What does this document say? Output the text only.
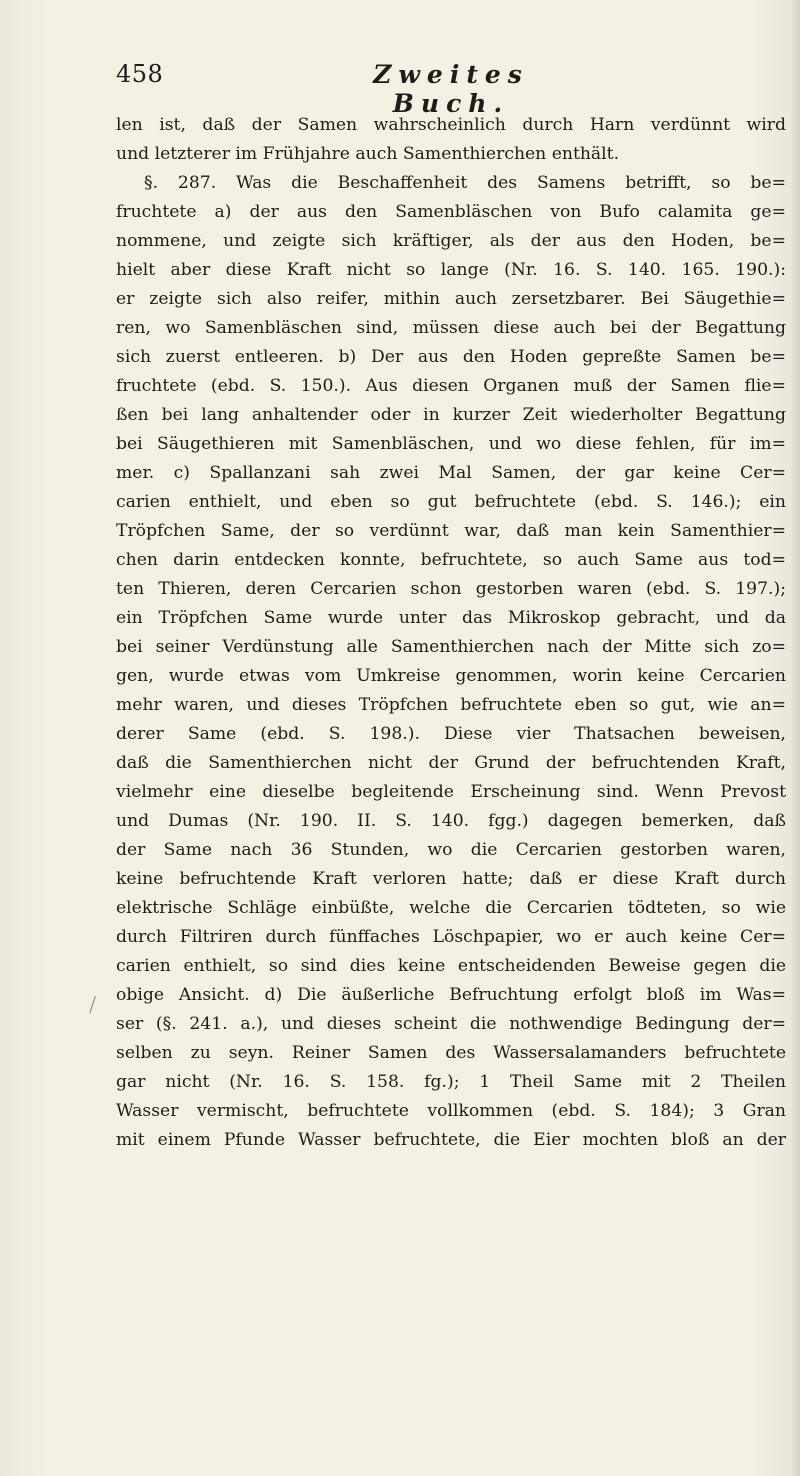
458	Zweites Buch.
len ist, daß der Samen wahrscheinlich durch Harn verdünnt wird
und letzterer im Frühjahre auch Samenthierchen enthält.
§. 287. Was die Beschaffenheit des Samens betrifft, so be=
fruchtete a) der aus den Samenbläschen von Bufo calamita ge=
nommene, und zeigte sich kräftiger, als der aus den Hoden, be=
hielt aber diese Kraft nicht so lange (Nr. 16. S. 140. 165. 190.):
er zeigte sich also reifer, mithin auch zersetzbarer. Bei Säugethie=
ren, wo Samenbläschen sind, müssen diese auch bei der Begattung
sich zuerst entleeren. b) Der aus den Hoden gepreßte Samen be=
fruchtete (ebd. S. 150.). Aus diesen Organen muß der Samen flie=
ßen bei lang anhaltender oder in kurzer Zeit wiederholter Begattung
bei Säugethieren mit Samenbläschen, und wo diese fehlen, für im=
mer. c) Spallanzani sah zwei Mal Samen, der gar keine Cer=
carien enthielt, und eben so gut befruchtete (ebd. S. 146.); ein
Tröpfchen Same, der so verdünnt war, daß man kein Samenthier=
chen darin entdecken konnte, befruchtete, so auch Same aus tod=
ten Thieren, deren Cercarien schon gestorben waren (ebd. S. 197.);
ein Tröpfchen Same wurde unter das Mikroskop gebracht, und da
bei seiner Verdünstung alle Samenthierchen nach der Mitte sich zo=
gen, wurde etwas vom Umkreise genommen, worin keine Cercarien
mehr waren, und dieses Tröpfchen befruchtete eben so gut, wie an=
derer Same (ebd. S. 198.). Diese vier Thatsachen beweisen,
daß die Samenthierchen nicht der Grund der befruchtenden Kraft,
vielmehr eine dieselbe begleitende Erscheinung sind. Wenn Prevost
und Dumas (Nr. 190. II. S. 140. fgg.) dagegen bemerken, daß
der Same nach 36 Stunden, wo die Cercarien gestorben waren,
keine befruchtende Kraft verloren hatte; daß er diese Kraft durch
elektrische Schläge einbüßte, welche die Cercarien tödteten, so wie
durch Filtriren durch fünffaches Löschpapier, wo er auch keine Cer=
carien enthielt, so sind dies keine entscheidenden Beweise gegen die
obige Ansicht. d) Die äußerliche Befruchtung erfolgt bloß im Was=
ser (§. 241. a.), und dieses scheint die nothwendige Bedingung der=
selben zu seyn. Reiner Samen des Wassersalamanders befruchtete
gar nicht (Nr. 16. S. 158. fg.); 1 Theil Same mit 2 Theilen
Wasser vermischt, befruchtete vollkommen (ebd. S. 184); 3 Gran
mit einem Pfunde Wasser befruchtete, die Eier mochten bloß an der
